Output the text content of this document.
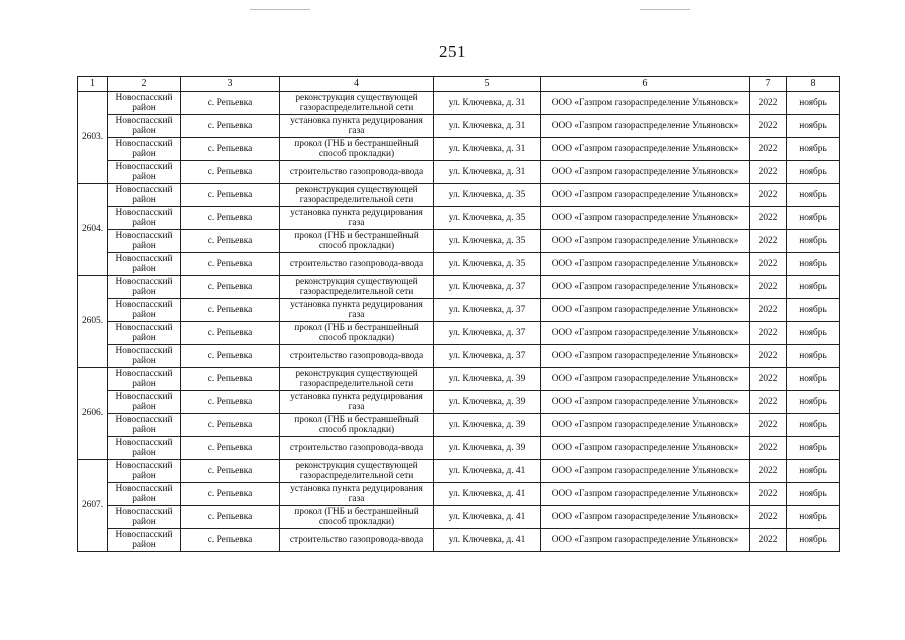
251
1	2	3	4	5	6	7	8
2603.	Новоспасский район	с. Репьевка	реконструкция существующей газораспределительной сети	ул. Ключевка, д. 31	ООО «Газпром газораспределение Ульяновск»	2022	ноябрь
	Новоспасский район	с. Репьевка	установка пункта редуцирования газа	ул. Ключевка, д. 31	ООО «Газпром газораспределение Ульяновск»	2022	ноябрь
	Новоспасский район	с. Репьевка	прокол (ГНБ и бестраншейный способ прокладки)	ул. Ключевка, д. 31	ООО «Газпром газораспределение Ульяновск»	2022	ноябрь
	Новоспасский район	с. Репьевка	строительство газопровода-ввода	ул. Ключевка, д. 31	ООО «Газпром газораспределение Ульяновск»	2022	ноябрь
2604.	Новоспасский район	с. Репьевка	реконструкция существующей газораспределительной сети	ул. Ключевка, д. 35	ООО «Газпром газораспределение Ульяновск»	2022	ноябрь
	Новоспасский район	с. Репьевка	установка пункта редуцирования газа	ул. Ключевка, д. 35	ООО «Газпром газораспределение Ульяновск»	2022	ноябрь
	Новоспасский район	с. Репьевка	прокол (ГНБ и бестраншейный способ прокладки)	ул. Ключевка, д. 35	ООО «Газпром газораспределение Ульяновск»	2022	ноябрь
	Новоспасский район	с. Репьевка	строительство газопровода-ввода	ул. Ключевка, д. 35	ООО «Газпром газораспределение Ульяновск»	2022	ноябрь
2605.	Новоспасский район	с. Репьевка	реконструкция существующей газораспределительной сети	ул. Ключевка, д. 37	ООО «Газпром газораспределение Ульяновск»	2022	ноябрь
	Новоспасский район	с. Репьевка	установка пункта редуцирования газа	ул. Ключевка, д. 37	ООО «Газпром газораспределение Ульяновск»	2022	ноябрь
	Новоспасский район	с. Репьевка	прокол (ГНБ и бестраншейный способ прокладки)	ул. Ключевка, д. 37	ООО «Газпром газораспределение Ульяновск»	2022	ноябрь
	Новоспасский район	с. Репьевка	строительство газопровода-ввода	ул. Ключевка, д. 37	ООО «Газпром газораспределение Ульяновск»	2022	ноябрь
2606.	Новоспасский район	с. Репьевка	реконструкция существующей газораспределительной сети	ул. Ключевка, д. 39	ООО «Газпром газораспределение Ульяновск»	2022	ноябрь
	Новоспасский район	с. Репьевка	установка пункта редуцирования газа	ул. Ключевка, д. 39	ООО «Газпром газораспределение Ульяновск»	2022	ноябрь
	Новоспасский район	с. Репьевка	прокол (ГНБ и бестраншейный способ прокладки)	ул. Ключевка, д. 39	ООО «Газпром газораспределение Ульяновск»	2022	ноябрь
	Новоспасский район	с. Репьевка	строительство газопровода-ввода	ул. Ключевка, д. 39	ООО «Газпром газораспределение Ульяновск»	2022	ноябрь
2607.	Новоспасский район	с. Репьевка	реконструкция существующей газораспределительной сети	ул. Ключевка, д. 41	ООО «Газпром газораспределение Ульяновск»	2022	ноябрь
	Новоспасский район	с. Репьевка	установка пункта редуцирования газа	ул. Ключевка, д. 41	ООО «Газпром газораспределение Ульяновск»	2022	ноябрь
	Новоспасский район	с. Репьевка	прокол (ГНБ и бестраншейный способ прокладки)	ул. Ключевка, д. 41	ООО «Газпром газораспределение Ульяновск»	2022	ноябрь
	Новоспасский район	с. Репьевка	строительство газопровода-ввода	ул. Ключевка, д. 41	ООО «Газпром газораспределение Ульяновск»	2022	ноябрь
